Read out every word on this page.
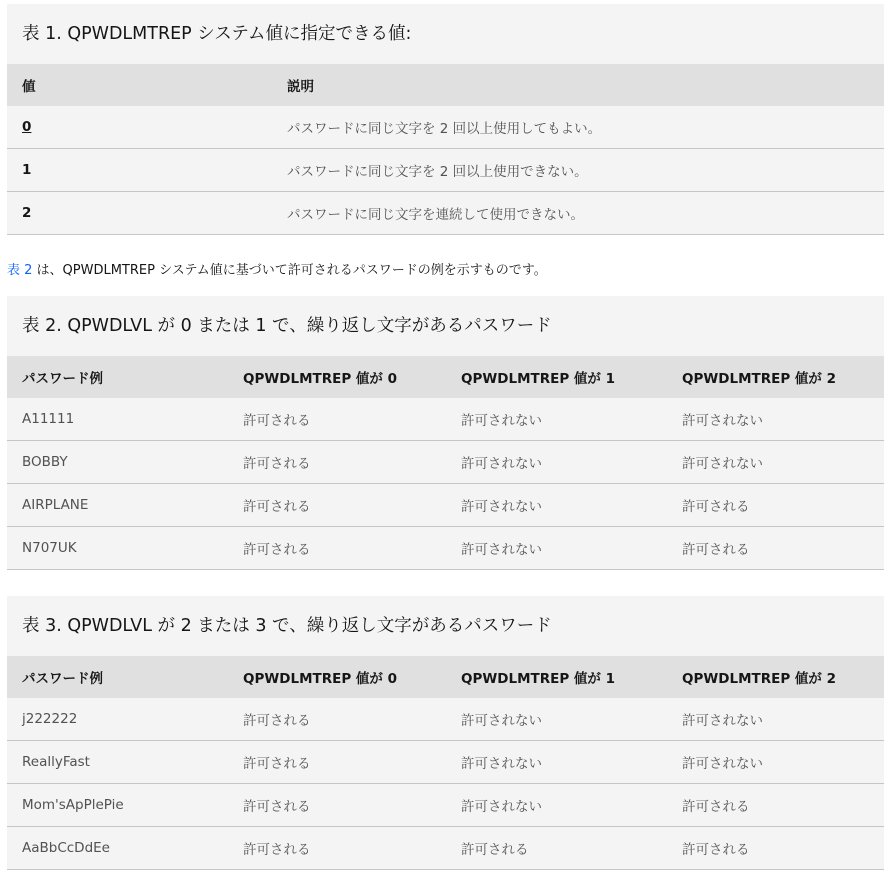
表 1. QPWDLMTREP システム値に指定できる値:
値	説明
0	パスワードに同じ文字を 2 回以上使用してもよい。
1	パスワードに同じ文字を 2 回以上使用できない。
2	パスワードに同じ文字を連続して使用できない。
表 2 は、QPWDLMTREP システム値に基づいて許可されるパスワードの例を示すものです。
表 2. QPWDLVL が 0 または 1 で、繰り返し文字があるパスワード
パスワード例	QPWDLMTREP 値が 0	QPWDLMTREP 値が 1	QPWDLMTREP 値が 2
A11111	許可される	許可されない	許可されない
BOBBY	許可される	許可されない	許可されない
AIRPLANE	許可される	許可されない	許可される
N707UK	許可される	許可されない	許可される
表 3. QPWDLVL が 2 または 3 で、繰り返し文字があるパスワード
パスワード例	QPWDLMTREP 値が 0	QPWDLMTREP 値が 1	QPWDLMTREP 値が 2
j222222	許可される	許可されない	許可されない
ReallyFast	許可される	許可されない	許可されない
Mom'sApPlePie	許可される	許可されない	許可される
AaBbCcDdEe	許可される	許可される	許可される
